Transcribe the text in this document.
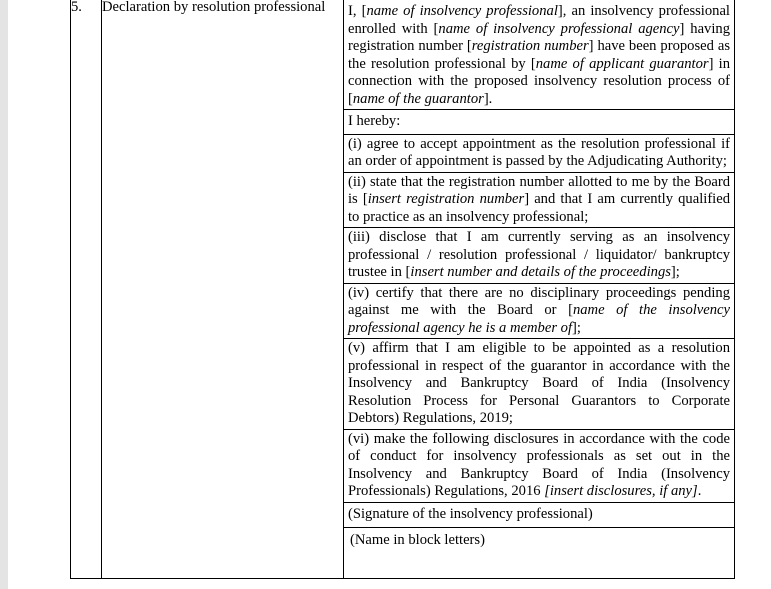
5.	Declaration by resolution professional	I, [name of insolvency professional], an insolvency professional enrolled with [name of insolvency professional agency] having registration number [registration number] have been proposed as the resolution professional by [name of applicant guarantor] in connection with the proposed insolvency resolution process of [name of the guarantor].
I hereby:
(i) agree to accept appointment as the resolution professional if an order of appointment is passed by the Adjudicating Authority;
(ii) state that the registration number allotted to me by the Board is [insert registration number] and that I am currently qualified to practice as an insolvency professional;
(iii) disclose that I am currently serving as an insolvency professional / resolution professional / liquidator/ bankruptcy trustee in [insert number and details of the proceedings];
(iv) certify that there are no disciplinary proceedings pending against me with the Board or [name of the insolvency professional agency he is a member of];
(v) affirm that I am eligible to be appointed as a resolution professional in respect of the guarantor in accordance with the Insolvency and Bankruptcy Board of India (Insolvency Resolution Process for Personal Guarantors to Corporate Debtors) Regulations, 2019;
(vi) make the following disclosures in accordance with the code of conduct for insolvency professionals as set out in the Insolvency and Bankruptcy Board of India (Insolvency Professionals) Regulations, 2016 [insert disclosures, if any].
(Signature of the insolvency professional)
(Name in block letters)
